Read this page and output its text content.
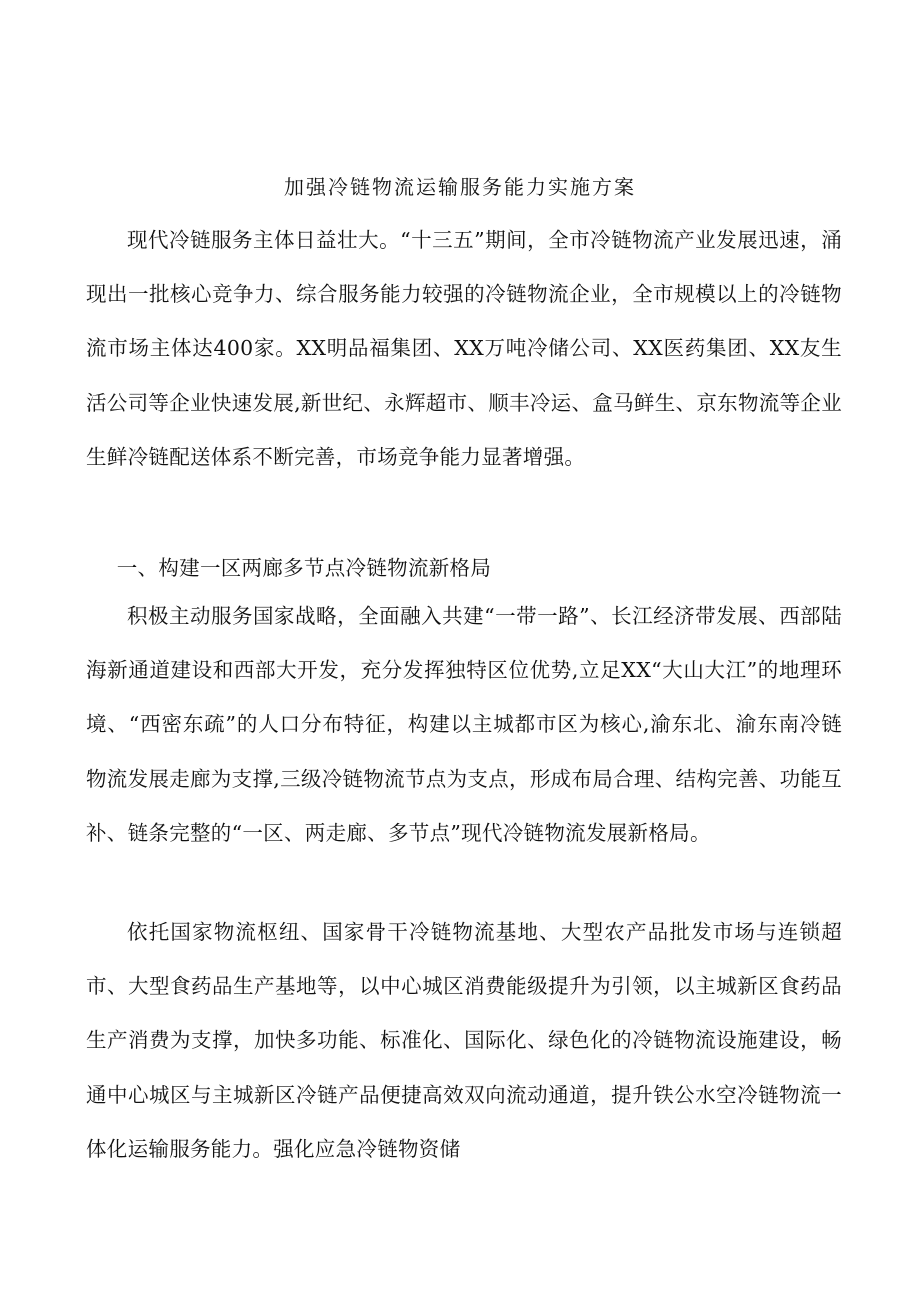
加强冷链物流运输服务能力实施方案

现代冷链服务主体日益壮大。“十三五”期间，全市冷链物流产业发展迅速，涌现出一批核心竞争力、综合服务能力较强的冷链物流企业，全市规模以上的冷链物流市场主体达400家。XX明品福集团、XX万吨冷储公司、XX医药集团、XX友生活公司等企业快速发展,新世纪、永辉超市、顺丰冷运、盒马鲜生、京东物流等企业生鲜冷链配送体系不断完善，市场竞争能力显著增强。

一、构建一区两廊多节点冷链物流新格局

积极主动服务国家战略，全面融入共建“一带一路”、长江经济带发展、西部陆海新通道建设和西部大开发，充分发挥独特区位优势,立足XX“大山大江”的地理环境、“西密东疏”的人口分布特征，构建以主城都市区为核心,渝东北、渝东南冷链物流发展走廊为支撑,三级冷链物流节点为支点，形成布局合理、结构完善、功能互补、链条完整的“一区、两走廊、多节点”现代冷链物流发展新格局。

依托国家物流枢纽、国家骨干冷链物流基地、大型农产品批发市场与连锁超市、大型食药品生产基地等，以中心城区消费能级提升为引领，以主城新区食药品生产消费为支撑，加快多功能、标准化、国际化、绿色化的冷链物流设施建设，畅通中心城区与主城新区冷链产品便捷高效双向流动通道，提升铁公水空冷链物流一体化运输服务能力。强化应急冷链物资储
